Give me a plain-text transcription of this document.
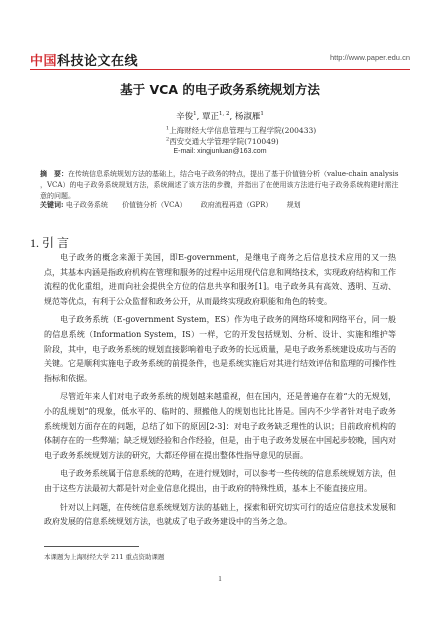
中国科技论文在线	http://www.paper.edu.cn
基于 VCA 的电子政务系统规划方法
辛俊$^1$, 覃正$^{1, 2}$, 杨淑雁$^1$
$^1$上海财经大学信息管理与工程学院(200433)
$^2$西安交通大学管理学院(710049)
E-mail: xingjunluan@163.com
摘　要：在传统信息系统规划方法的基础上，结合电子政务的特点，提出了基于价值链分析（value-chain analysis ，VCA）的电子政务系统规划方法，系统阐述了该方法的步骤，并指出了在使用该方法进行电子政务系统构建时需注意的问题。
关键词: 电子政务系统 价值链分析（VCA） 政府流程再造（GPR） 规划
1. 引 言

电子政务的概念来源于美国，即E-government，是继电子商务之后信息技术应用的又一热点，其基本内涵是指政府机构在管理和服务的过程中运用现代信息和网络技术，实现政府结构和工作流程的优化重组，进而向社会提供全方位的信息共享和服务[1]。电子政务具有高效、透明、互动、规范等优点，有利于公众监督和政务公开，从而最终实现政府职能和角色的转变。

电子政务系统（E-government System，ES）作为电子政务的网络环境和网络平台，同一般的信息系统（Information System，IS）一样，它的开发包括规划、分析、设计、实施和维护等阶段，其中，电子政务系统的规划直接影响着电子政务的长远质量，是电子政务系统建设成功与否的关键。它是顺利实施电子政务系统的前提条件，也是系统实施后对其进行结效评估和监理的可操作性指标和依据。

尽管近年来人们对电子政务系统的规划越来越重视，但在国内，还是普遍存在着“大的无规划，小的乱规划”的现象，低水平的、临时的、照搬他人的规划也比比皆是。国内不少学者针对电子政务系统规划方面存在的问题，总结了如下的原因[2-3]：对电子政务缺乏理性的认识；目前政府机构的体制存在的一些弊端；缺乏规划经验和合作经验，但是，由于电子政务发展在中国起步较晚，国内对电子政务系统规划方法的研究，大都还停留在提出整体性指导意见的层面。

电子政务系统属于信息系统的范畴，在进行规划时，可以参考一些传统的信息系统规划方法，但由于这些方法最初大都是针对企业信息化提出，由于政府的特殊性质，基本上不能直接应用。

针对以上问题，在传统信息系统规划方法的基础上，探索和研究切实可行的适应信息技术发展和政府发展的信息系统规划方法，也就成了电子政务建设中的当务之急。

本课题为上海财经大学 211 重点资助课题
1
